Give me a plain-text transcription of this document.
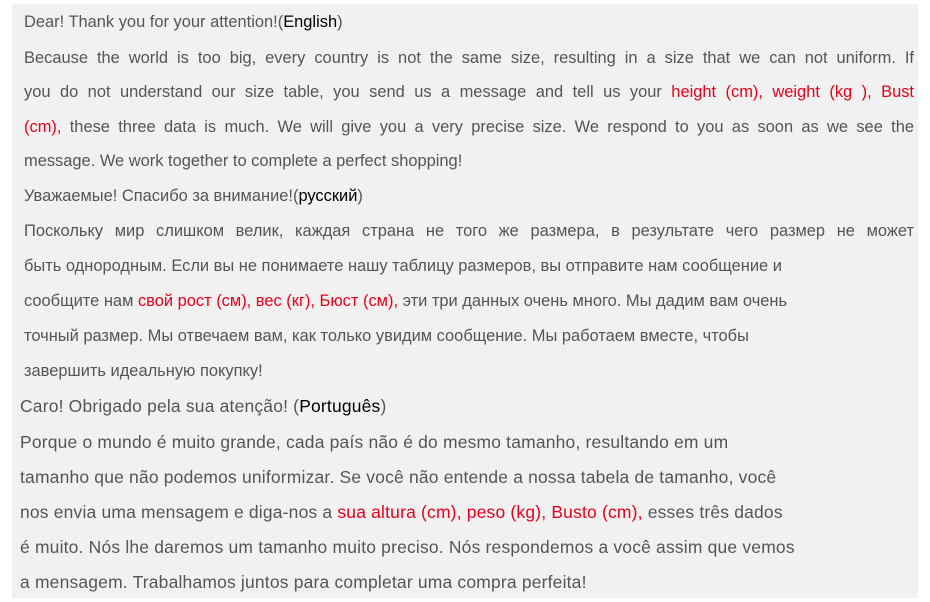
Dear! Thank you for your attention!(English)
Because the world is too big, every country is not the same size, resulting in a size that we can not uniform. If
you do not understand our size table, you send us a message and tell us your height (cm), weight (kg ), Bust
(cm), these three data is much. We will give you a very precise size. We respond to you as soon as we see the
message. We work together to complete a perfect shopping!
Уважаемые! Спасибо за внимание!(русский)
Поскольку мир слишком велик, каждая страна не того же размера, в результате чего размер не может
быть однородным. Если вы не понимаете нашу таблицу размеров, вы отправите нам сообщение и
сообщите нам свой рост (см), вес (кг), Бюст (см), эти три данных очень много. Мы дадим вам очень
точный размер. Мы отвечаем вам, как только увидим сообщение. Мы работаем вместе, чтобы
завершить идеальную покупку!
Caro! Obrigado pela sua atenção! (Português)
Porque o mundo é muito grande, cada país não é do mesmo tamanho, resultando em um
tamanho que não podemos uniformizar. Se você não entende a nossa tabela de tamanho, você
nos envia uma mensagem e diga-nos a sua altura (cm), peso (kg), Busto (cm), esses três dados
é muito. Nós lhe daremos um tamanho muito preciso. Nós respondemos a você assim que vemos
a mensagem. Trabalhamos juntos para completar uma compra perfeita!
